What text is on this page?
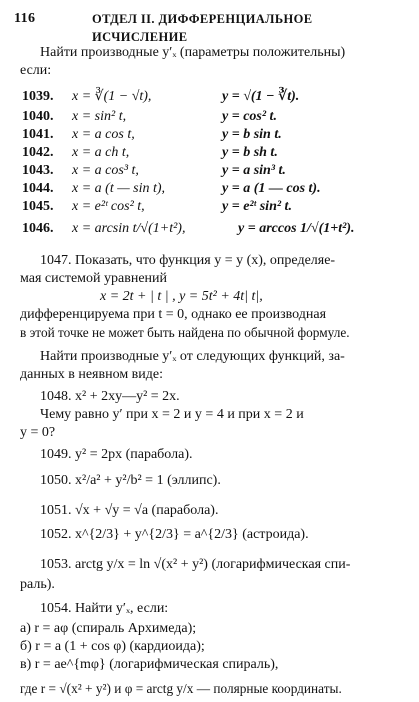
116	ОТДЕЛ II. ДИФФЕРЕНЦИАЛЬНОЕ ИСЧИСЛЕНИЕ
Найти производные y′ₓ (параметры положительны)
если:
1039. x = ∛(1 − √t),	y = √(1 − ∛t).
1040. x = sin² t,	y = cos² t.
1041. x = a cos t,	y = b sin t.
1042. x = a ch t,	y = b sh t.
1043. x = a cos³ t,	y = a sin³ t.
1044. x = a (t — sin t),	y = a (1 — cos t).
1045. x = e²ᵗ cos² t,	y = e²ᵗ sin² t.
1046. x = arcsin t/√(1+t²),	y = arccos 1/√(1+t²).
1047. Показать, что функция y = y (x), определяе-
мая системой уравнений
x = 2t + | t | , y = 5t² + 4t| t|,
дифференцируема при t = 0, однако ее производная
в этой точке не может быть найдена по обычной формуле.
Найти производные y′ₓ от следующих функций, за-
данных в неявном виде:
1048. x² + 2xy—y² = 2x.
Чему равно y′ при x = 2 и y = 4 и при x = 2 и
y = 0?
1049. y² = 2px (парабола).
1050. x²/a² + y²/b² = 1 (эллипс).
1051. √x + √y = √a (парабола).
1052. x^{2/3} + y^{2/3} = a^{2/3} (астроида).
1053. arctg y/x = ln √(x² + y²) (логарифмическая спи-
раль).
1054. Найти y′ₓ, если:
а) r = aφ (спираль Архимеда);
б) r = a (1 + cos φ) (кардиоида);
в) r = ae^{mφ} (логарифмическая спираль),
где r = √(x² + y²) и φ = arctg y/x — полярные координаты.
